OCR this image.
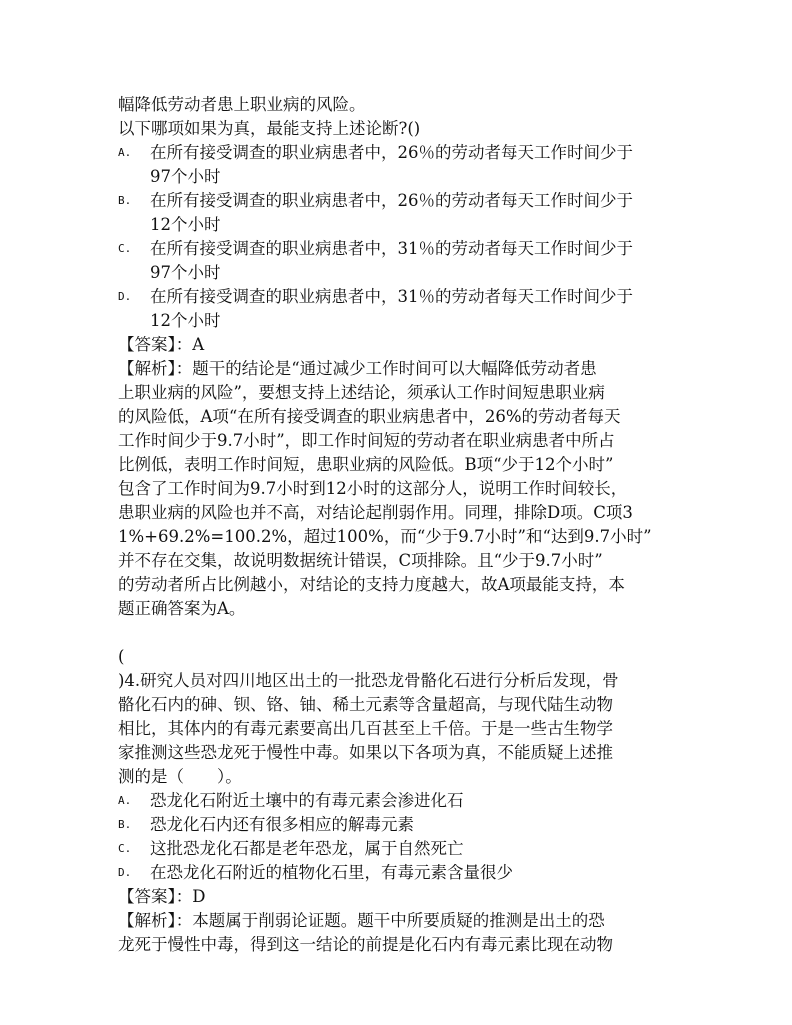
幅降低劳动者患上职业病的风险。
以下哪项如果为真，最能支持上述论断?()
A. 在所有接受调查的职业病患者中，26％的劳动者每天工作时间少于
97个小时
B. 在所有接受调查的职业病患者中，26％的劳动者每天工作时间少于
12个小时
C. 在所有接受调查的职业病患者中，31％的劳动者每天工作时间少于
97个小时
D. 在所有接受调查的职业病患者中，31％的劳动者每天工作时间少于
12个小时
【答案】：A
【解析】：题干的结论是“通过减少工作时间可以大幅降低劳动者患
上职业病的风险”，要想支持上述结论，须承认工作时间短患职业病
的风险低，A项“在所有接受调查的职业病患者中，26%的劳动者每天
工作时间少于9.7小时”，即工作时间短的劳动者在职业病患者中所占
比例低，表明工作时间短，患职业病的风险低。B项“少于12个小时”
包含了工作时间为9.7小时到12小时的这部分人，说明工作时间较长，
患职业病的风险也并不高，对结论起削弱作用。同理，排除D项。C项3
1%+69.2%=100.2%，超过100%，而“少于9.7小时”和“达到9.7小时”
并不存在交集，故说明数据统计错误，C项排除。且“少于9.7小时”
的劳动者所占比例越小，对结论的支持力度越大，故A项最能支持，本
题正确答案为A。
(
)4.研究人员对四川地区出土的一批恐龙骨骼化石进行分析后发现，骨
骼化石内的砷、钡、铬、铀、稀土元素等含量超高，与现代陆生动物
相比，其体内的有毒元素要高出几百甚至上千倍。于是一些古生物学
家推测这些恐龙死于慢性中毒。如果以下各项为真，不能质疑上述推
测的是（　　）。
A. 恐龙化石附近土壤中的有毒元素会渗进化石
B. 恐龙化石内还有很多相应的解毒元素
C. 这批恐龙化石都是老年恐龙，属于自然死亡
D. 在恐龙化石附近的植物化石里，有毒元素含量很少
【答案】：D
【解析】：本题属于削弱论证题。题干中所要质疑的推测是出土的恐
龙死于慢性中毒，得到这一结论的前提是化石内有毒元素比现在动物
